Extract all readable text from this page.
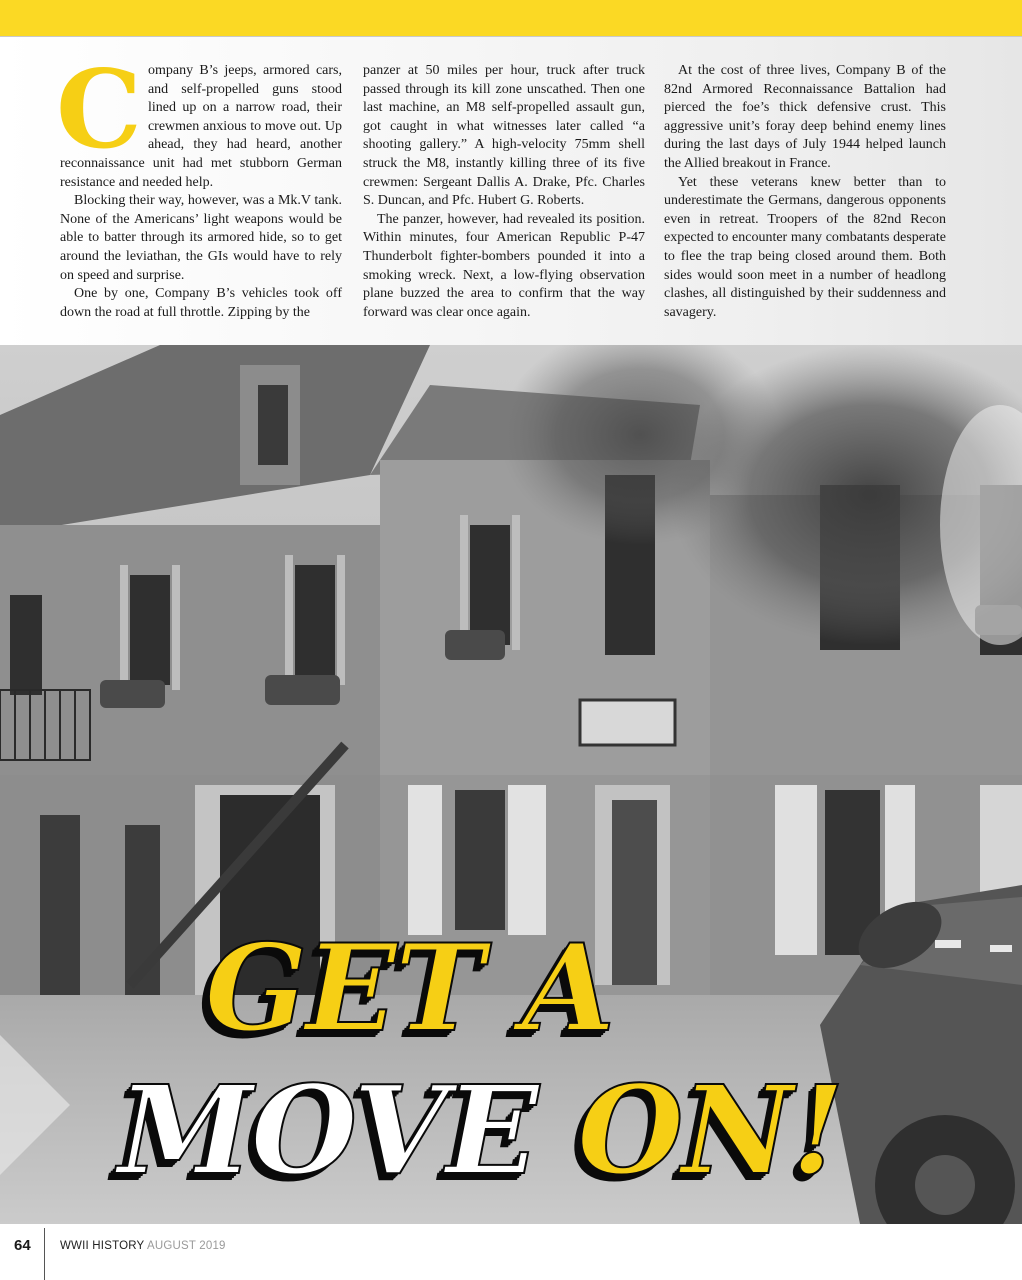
C ompany B’s jeeps, armored cars, and self-propelled guns stood lined up on a narrow road, their crewmen anxious to move out. Up ahead, they had heard, another reconnaissance unit had met stubborn German resistance and needed help.

Blocking their way, however, was a Mk.V tank. None of the Americans’ light weapons would be able to batter through its armored hide, so to get around the leviathan, the GIs would have to rely on speed and surprise.

One by one, Company B’s vehicles took off down the road at full throttle. Zipping by the

panzer at 50 miles per hour, truck after truck passed through its kill zone unscathed. Then one last machine, an M8 self-propelled assault gun, got caught in what witnesses later called “a shooting gallery.” A high-velocity 75mm shell struck the M8, instantly killing three of its five crewmen: Sergeant Dallis A. Drake, Pfc. Charles S. Duncan, and Pfc. Hubert G. Roberts.

The panzer, however, had revealed its position. Within minutes, four American Republic P-47 Thunderbolt fighter-bombers pounded it into a smoking wreck. Next, a low-flying observation plane buzzed the area to confirm that the way forward was clear once again.

At the cost of three lives, Company B of the 82nd Armored Reconnaissance Battalion had pierced the foe’s thick defensive crust. This aggressive unit’s foray deep behind enemy lines during the last days of July 1944 helped launch the Allied breakout in France.

Yet these veterans knew better than to underestimate the Germans, dangerous opponents even in retreat. Troopers of the 82nd Recon expected to encounter many combatants desperate to flee the trap being closed around them. Both sides would soon meet in a number of headlong clashes, all distinguished by their suddenness and savagery.

GET A
MOVE ON!
64	WWII HISTORY AUGUST 2019
